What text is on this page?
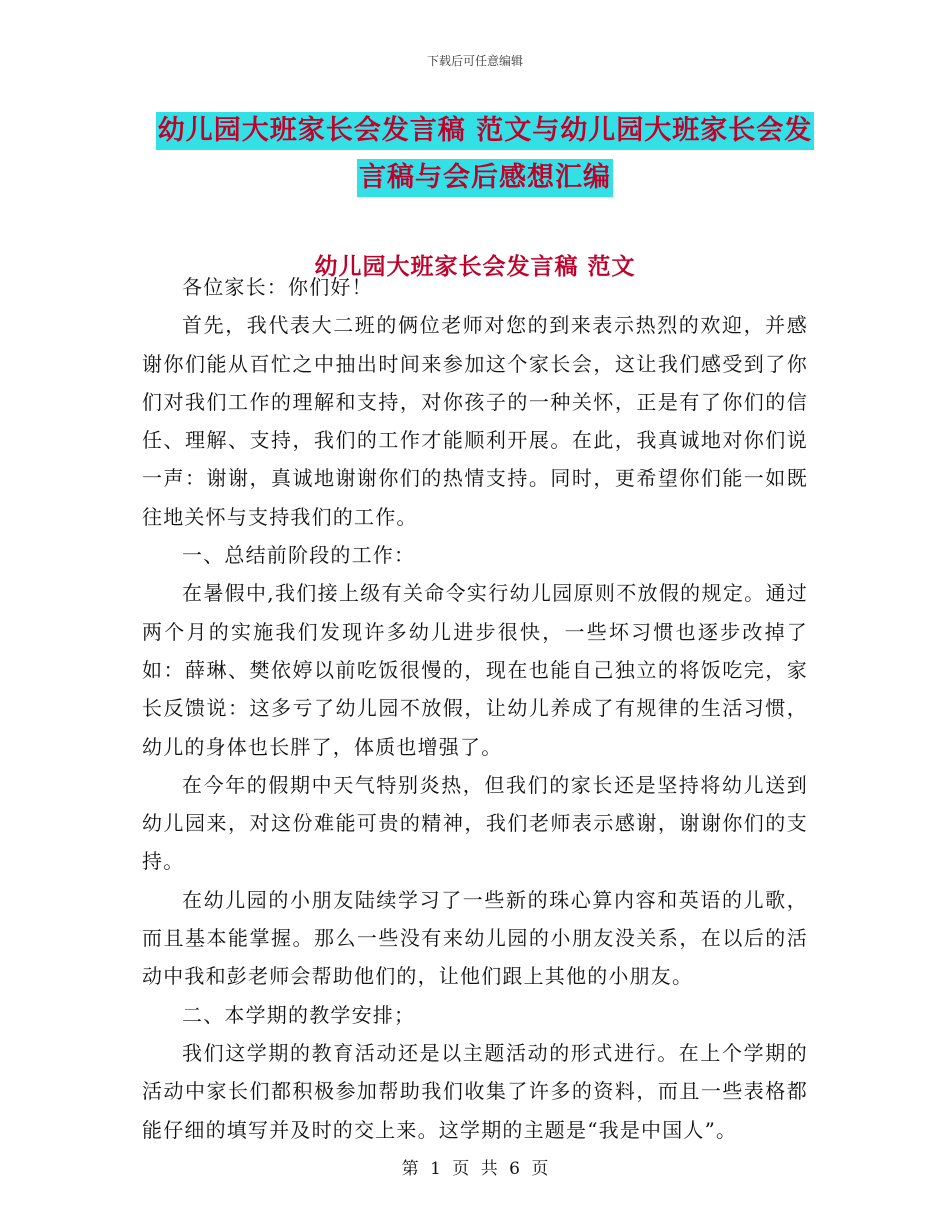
下载后可任意编辑
幼儿园大班家长会发言稿 范文与幼儿园大班家长会发
言稿与会后感想汇编
幼儿园大班家长会发言稿 范文

各位家长：你们好！

首先，我代表大二班的俩位老师对您的到来表示热烈的欢迎，并感谢你们能从百忙之中抽出时间来参加这个家长会，这让我们感受到了你们对我们工作的理解和支持，对你孩子的一种关怀，正是有了你们的信任、理解、支持，我们的工作才能顺利开展。在此，我真诚地对你们说一声：谢谢，真诚地谢谢你们的热情支持。同时，更希望你们能一如既往地关怀与支持我们的工作。

一、总结前阶段的工作：

在暑假中,我们接上级有关命令实行幼儿园原则不放假的规定。通过两个月的实施我们发现许多幼儿进步很快，一些坏习惯也逐步改掉了如：薛琳、樊依婷以前吃饭很慢的，现在也能自己独立的将饭吃完，家长反馈说：这多亏了幼儿园不放假，让幼儿养成了有规律的生活习惯，幼儿的身体也长胖了，体质也增强了。

在今年的假期中天气特别炎热，但我们的家长还是坚持将幼儿送到幼儿园来，对这份难能可贵的精神，我们老师表示感谢，谢谢你们的支持。

在幼儿园的小朋友陆续学习了一些新的珠心算内容和英语的儿歌，而且基本能掌握。那么一些没有来幼儿园的小朋友没关系，在以后的活动中我和彭老师会帮助他们的，让他们跟上其他的小朋友。

二、本学期的教学安排；

我们这学期的教育活动还是以主题活动的形式进行。在上个学期的活动中家长们都积极参加帮助我们收集了许多的资料，而且一些表格都能仔细的填写并及时的交上来。这学期的主题是“我是中国人”。

第 1 页 共 6 页
